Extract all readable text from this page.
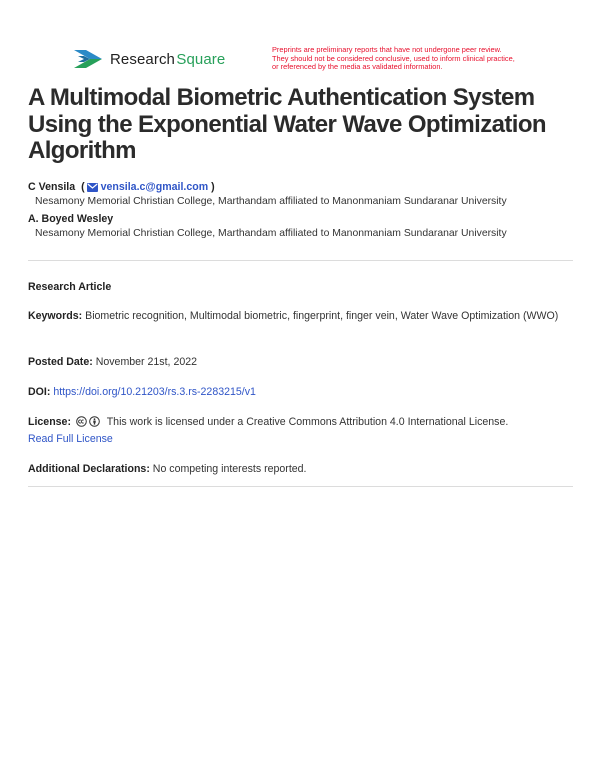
Research Square
Preprints are preliminary reports that have not undergone peer review.
They should not be considered conclusive, used to inform clinical practice,
or referenced by the media as validated information.
A Multimodal Biometric Authentication System Using the Exponential Water Wave Optimization Algorithm
C Vensila ( vensila.c@gmail.com )
Nesamony Memorial Christian College, Marthandam affiliated to Manonmaniam Sundaranar University
A. Boyed Wesley
Nesamony Memorial Christian College, Marthandam affiliated to Manonmaniam Sundaranar University
Research Article
Keywords: Biometric recognition, Multimodal biometric, fingerprint, finger vein, Water Wave Optimization (WWO)
Posted Date: November 21st, 2022
DOI: https://doi.org/10.21203/rs.3.rs-2283215/v1
License:	This work is licensed under a Creative Commons Attribution 4.0 International License.
Read Full License
Additional Declarations: No competing interests reported.
